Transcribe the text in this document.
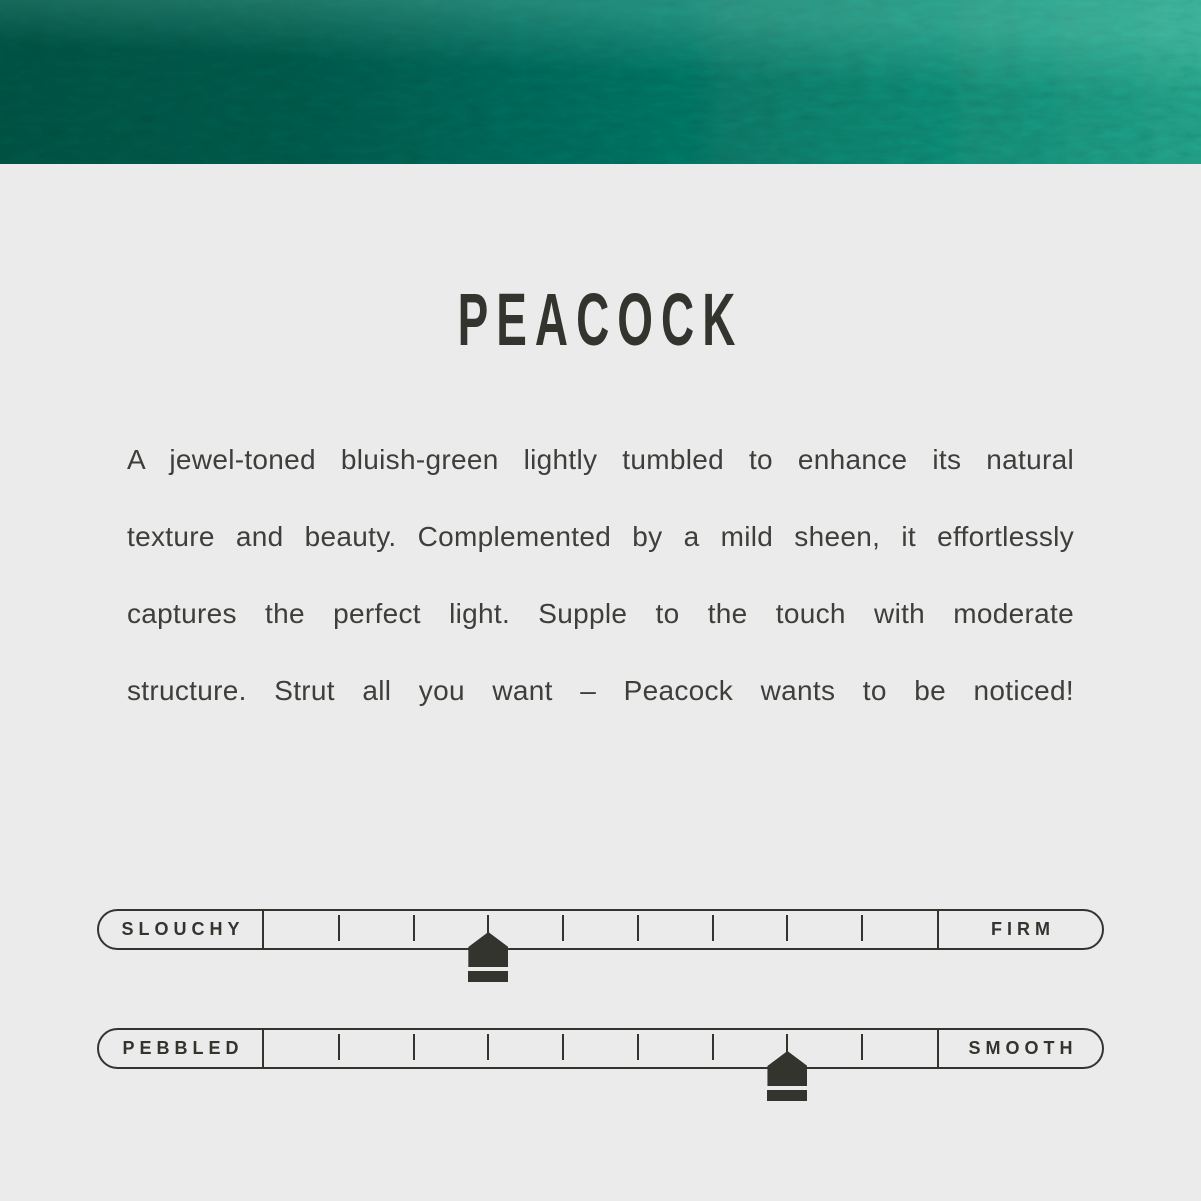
PEACOCK
A jewel-toned bluish-green lightly tumbled to enhance its natural
texture and beauty. Complemented by a mild sheen, it effortlessly
captures the perfect light. Supple to the touch with moderate
structure. Strut all you want – Peacock wants to be noticed!
SLOUCHY	FIRM
PEBBLED	SMOOTH
